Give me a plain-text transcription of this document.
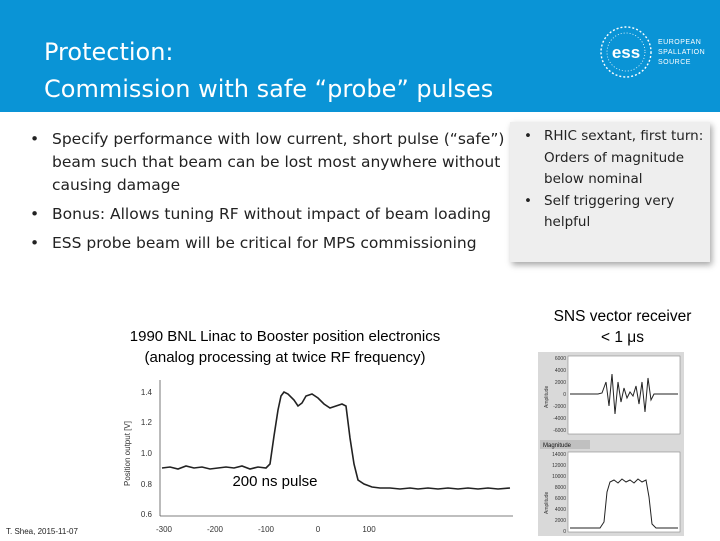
Protection:
Commission with safe “probe” pulses
ess
EUROPEAN
SPALLATION
SOURCE
• Specify performance with low current, short pulse (“safe”) beam such that beam can be lost most anywhere without causing damage
• Bonus: Allows tuning RF without impact of beam loading
• ESS probe beam will be critical for MPS commissioning
• RHIC sextant, first turn: Orders of magnitude below nominal
• Self triggering very helpful
SNS vector receiver
< 1 μs
1990 BNL Linac to Booster position electronics
(analog processing at twice RF frequency)
1.4
1.2
1.0
0.8
0.6
-300	-200	-100	0	100
Position output [V]	200 ns pulse
6000
4000
2000
0
-2000
-4000
-6000
Amplitude
Magnitude
14000
12000
10000
8000
6000
4000
2000
0
Amplitude
T. Shea, 2015-11-07
